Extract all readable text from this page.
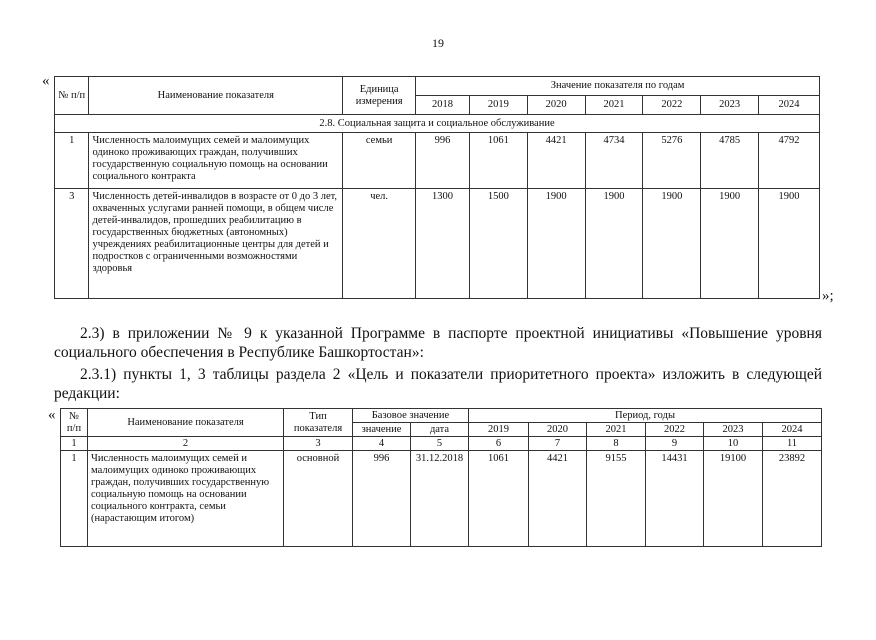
19
«
№ п/п	Наименование показателя	Единица измерения	Значение показателя по годам						
			2018	2019	2020	2021	2022	2023	2024
2.8. Социальная защита и социальное обслуживание									
1	Численность малоимущих семей и малоимущих одиноко проживающих граждан, получивших государственную социальную помощь на основании социального контракта	семьи	996	1061	4421	4734	5276	4785	4792
3	Численность детей-инвалидов в возрасте от 0 до 3 лет, охваченных услугами ранней помощи, в общем числе детей-инвалидов, прошедших реабилитацию в государственных бюджетных (автономных) учреждениях реабилитационные центры для детей и подростков с ограниченными возможностями здоровья	чел.	1300	1500	1900	1900	1900	1900	1900
»;
2.3) в приложении № 9 к указанной Программе в паспорте проектной инициативы «Повышение уровня социального обеспечения в Республике Башкортостан»:
2.3.1) пункты 1, 3 таблицы раздела 2 «Цель и показатели приоритетного проекта» изложить в следующей редакции:
« № п/п	Наименование показателя	Тип показателя	Базовое значение		Период, годы					
			значение	дата	2019	2020	2021	2022	2023	2024
1	2	3	4	5	6	7	8	9	10	11
1	Численность малоимущих семей и малоимущих одиноко проживающих граждан, получивших государственную социальную помощь на основании социального контракта, семьи (нарастающим итогом)	основной	996	31.12.2018	1061	4421	9155	14431	19100	23892
